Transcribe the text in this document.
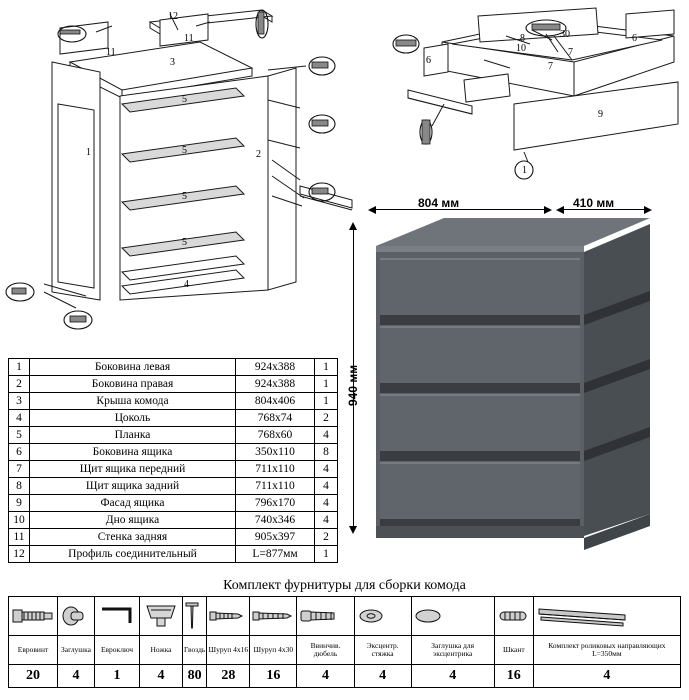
12
11
11
3
5
5
5
5
4
1	2
8	30	6
6
10	7
7
9
1
804 мм	410 мм
940 мм
1	Боковина левая	924х388	1
2	Боковина правая	924х388	1
3	Крыша комода	804х406	1
4	Цоколь	768х74	2
5	Планка	768х60	4
6	Боковина ящика	350х110	8
7	Щит ящика передний	711х110	4
8	Щит ящика задний	711х110	4
9	Фасад ящика	796х170	4
10	Дно ящика	740х346	4
11	Стенка задняя	905х397	2
12	Профиль соединительный	L=877мм	1
Комплект фурнитуры для сборки комода

Евровинт	Заглушка	Евроключ	Ножка	Гвоздь	Шуруп 4х16	Шуруп 4х30	Ввинчив. дюбель	Эксцентр. стяжка	Заглушка для эксцентрика	Шкант	Комплект роликовых направляющих L=350мм
20	4	1	4	80	28	16	4	4	4	16	4
